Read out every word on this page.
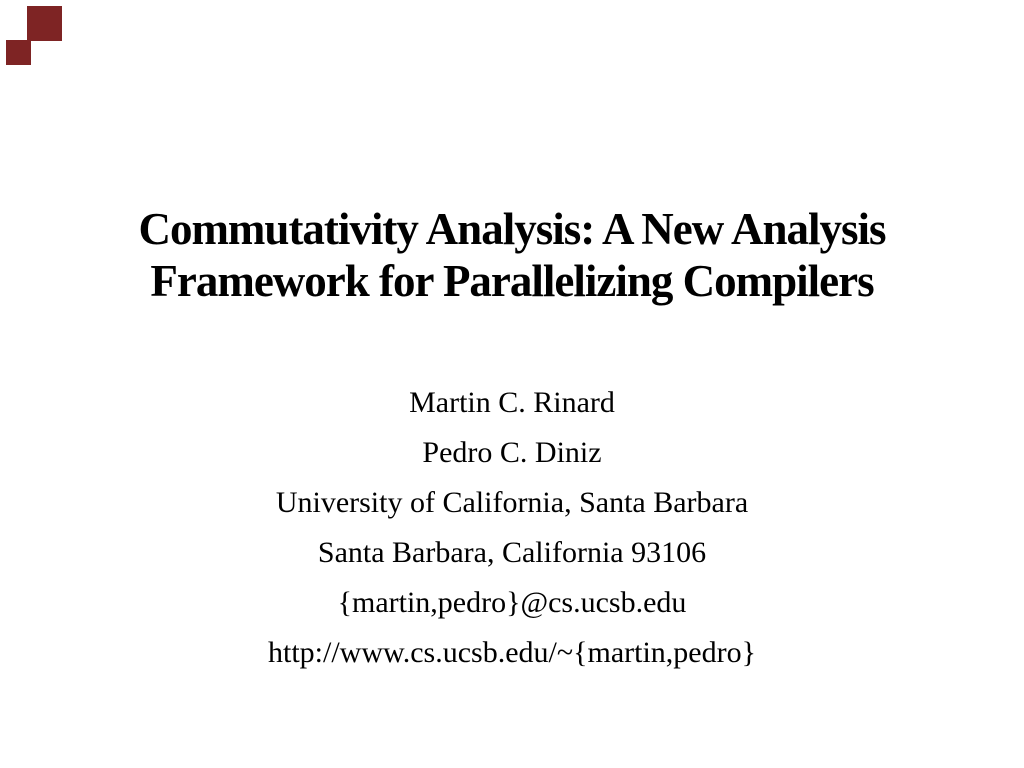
Commutativity Analysis: A New Analysis
Framework for Parallelizing Compilers
Martin C. Rinard
Pedro C. Diniz
University of California, Santa Barbara
Santa Barbara, California 93106
{martin,pedro}@cs.ucsb.edu
http://www.cs.ucsb.edu/~{martin,pedro}
